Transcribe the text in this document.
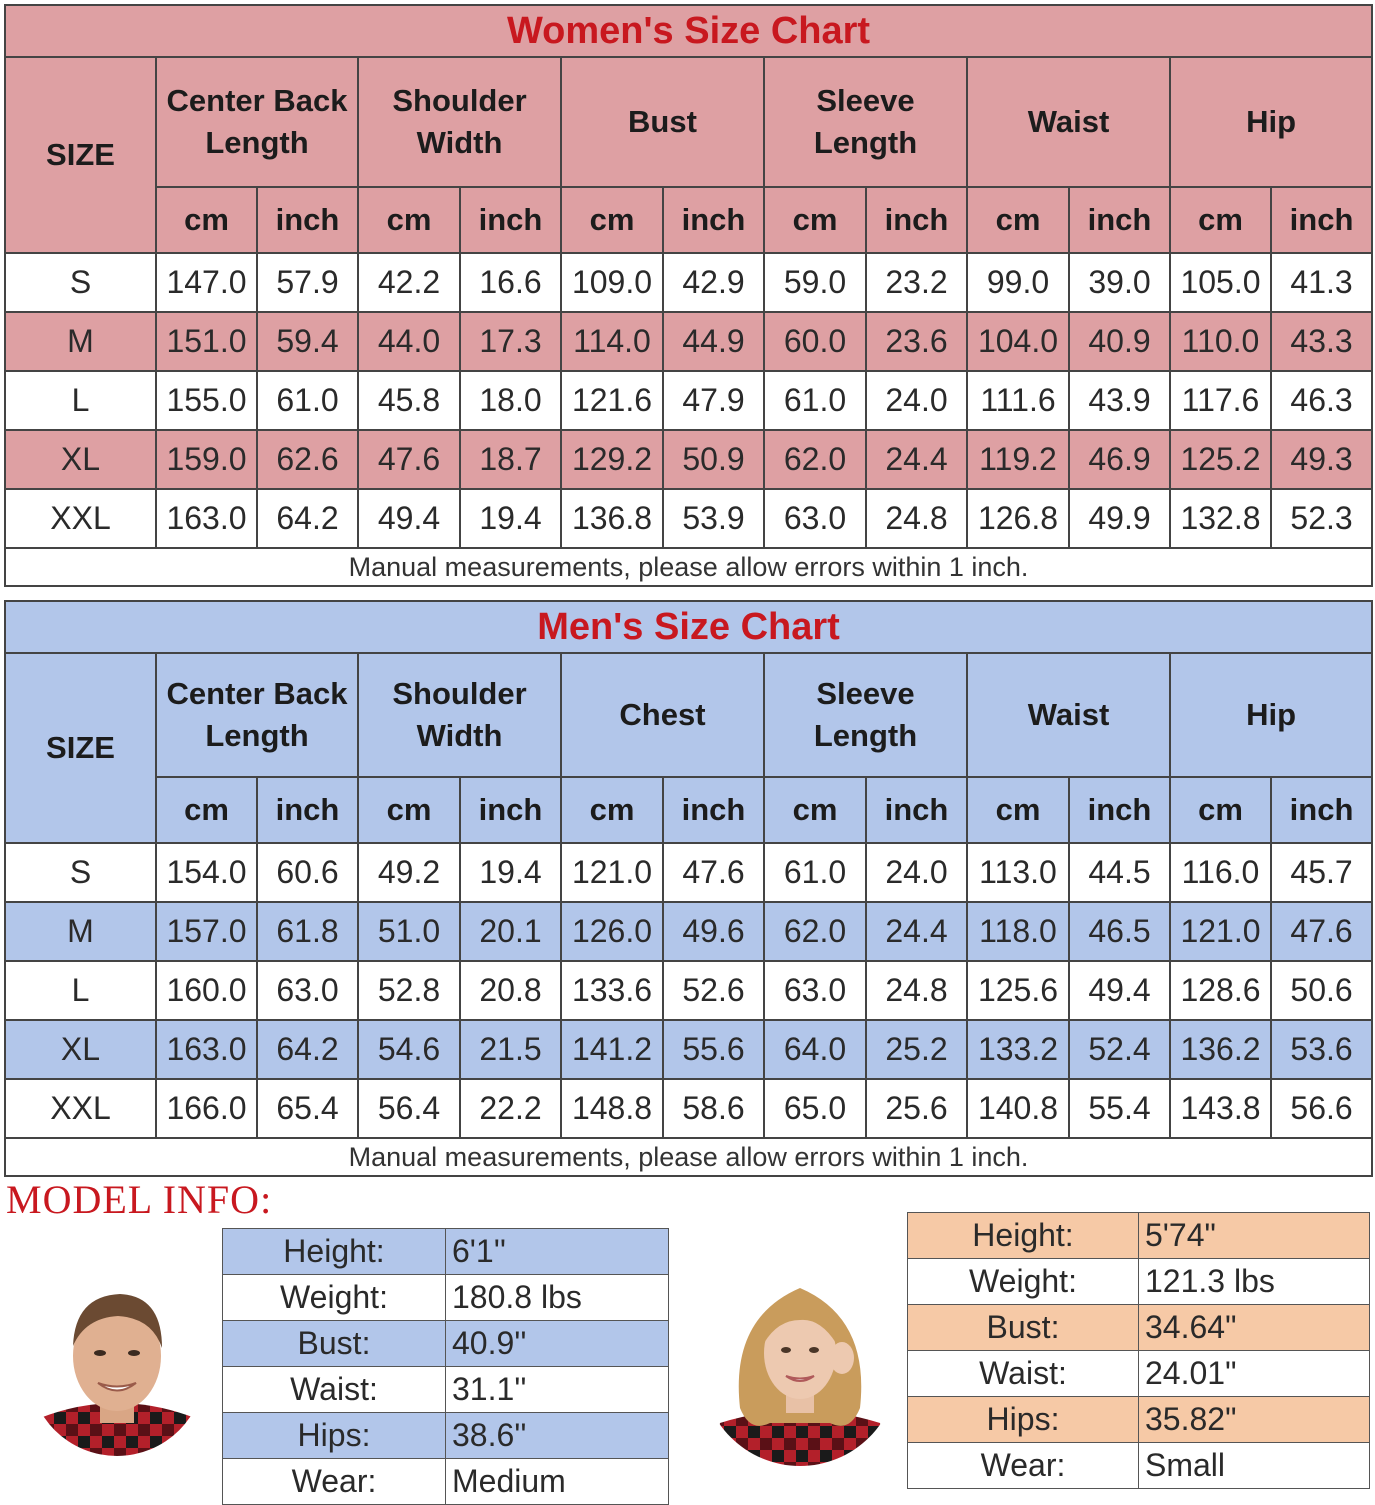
Women's Size Chart												
SIZE	Center Back Length		Shoulder Width		Bust		Sleeve Length		Waist		Hip	
	cm	inch	cm	inch	cm	inch	cm	inch	cm	inch	cm	inch
S	147.0	57.9	42.2	16.6	109.0	42.9	59.0	23.2	99.0	39.0	105.0	41.3
M	151.0	59.4	44.0	17.3	114.0	44.9	60.0	23.6	104.0	40.9	110.0	43.3
L	155.0	61.0	45.8	18.0	121.6	47.9	61.0	24.0	111.6	43.9	117.6	46.3
XL	159.0	62.6	47.6	18.7	129.2	50.9	62.0	24.4	119.2	46.9	125.2	49.3
XXL	163.0	64.2	49.4	19.4	136.8	53.9	63.0	24.8	126.8	49.9	132.8	52.3
Manual measurements, please allow errors within 1 inch.												
Men's Size Chart												
SIZE	Center Back Length		Shoulder Width		Chest		Sleeve Length		Waist		Hip	
	cm	inch	cm	inch	cm	inch	cm	inch	cm	inch	cm	inch
S	154.0	60.6	49.2	19.4	121.0	47.6	61.0	24.0	113.0	44.5	116.0	45.7
M	157.0	61.8	51.0	20.1	126.0	49.6	62.0	24.4	118.0	46.5	121.0	47.6
L	160.0	63.0	52.8	20.8	133.6	52.6	63.0	24.8	125.6	49.4	128.6	50.6
XL	163.0	64.2	54.6	21.5	141.2	55.6	64.0	25.2	133.2	52.4	136.2	53.6
XXL	166.0	65.4	56.4	22.2	148.8	58.6	65.0	25.6	140.8	55.4	143.8	56.6
Manual measurements, please allow errors within 1 inch.												
MODEL INFO:
Height:	6'1''
Weight:	180.8 lbs
Bust:	40.9''
Waist:	31.1''
Hips:	38.6''
Wear:	Medium
Height:	5'74"
Weight:	121.3 lbs
Bust:	34.64"
Waist:	24.01"
Hips:	35.82"
Wear:	Small
